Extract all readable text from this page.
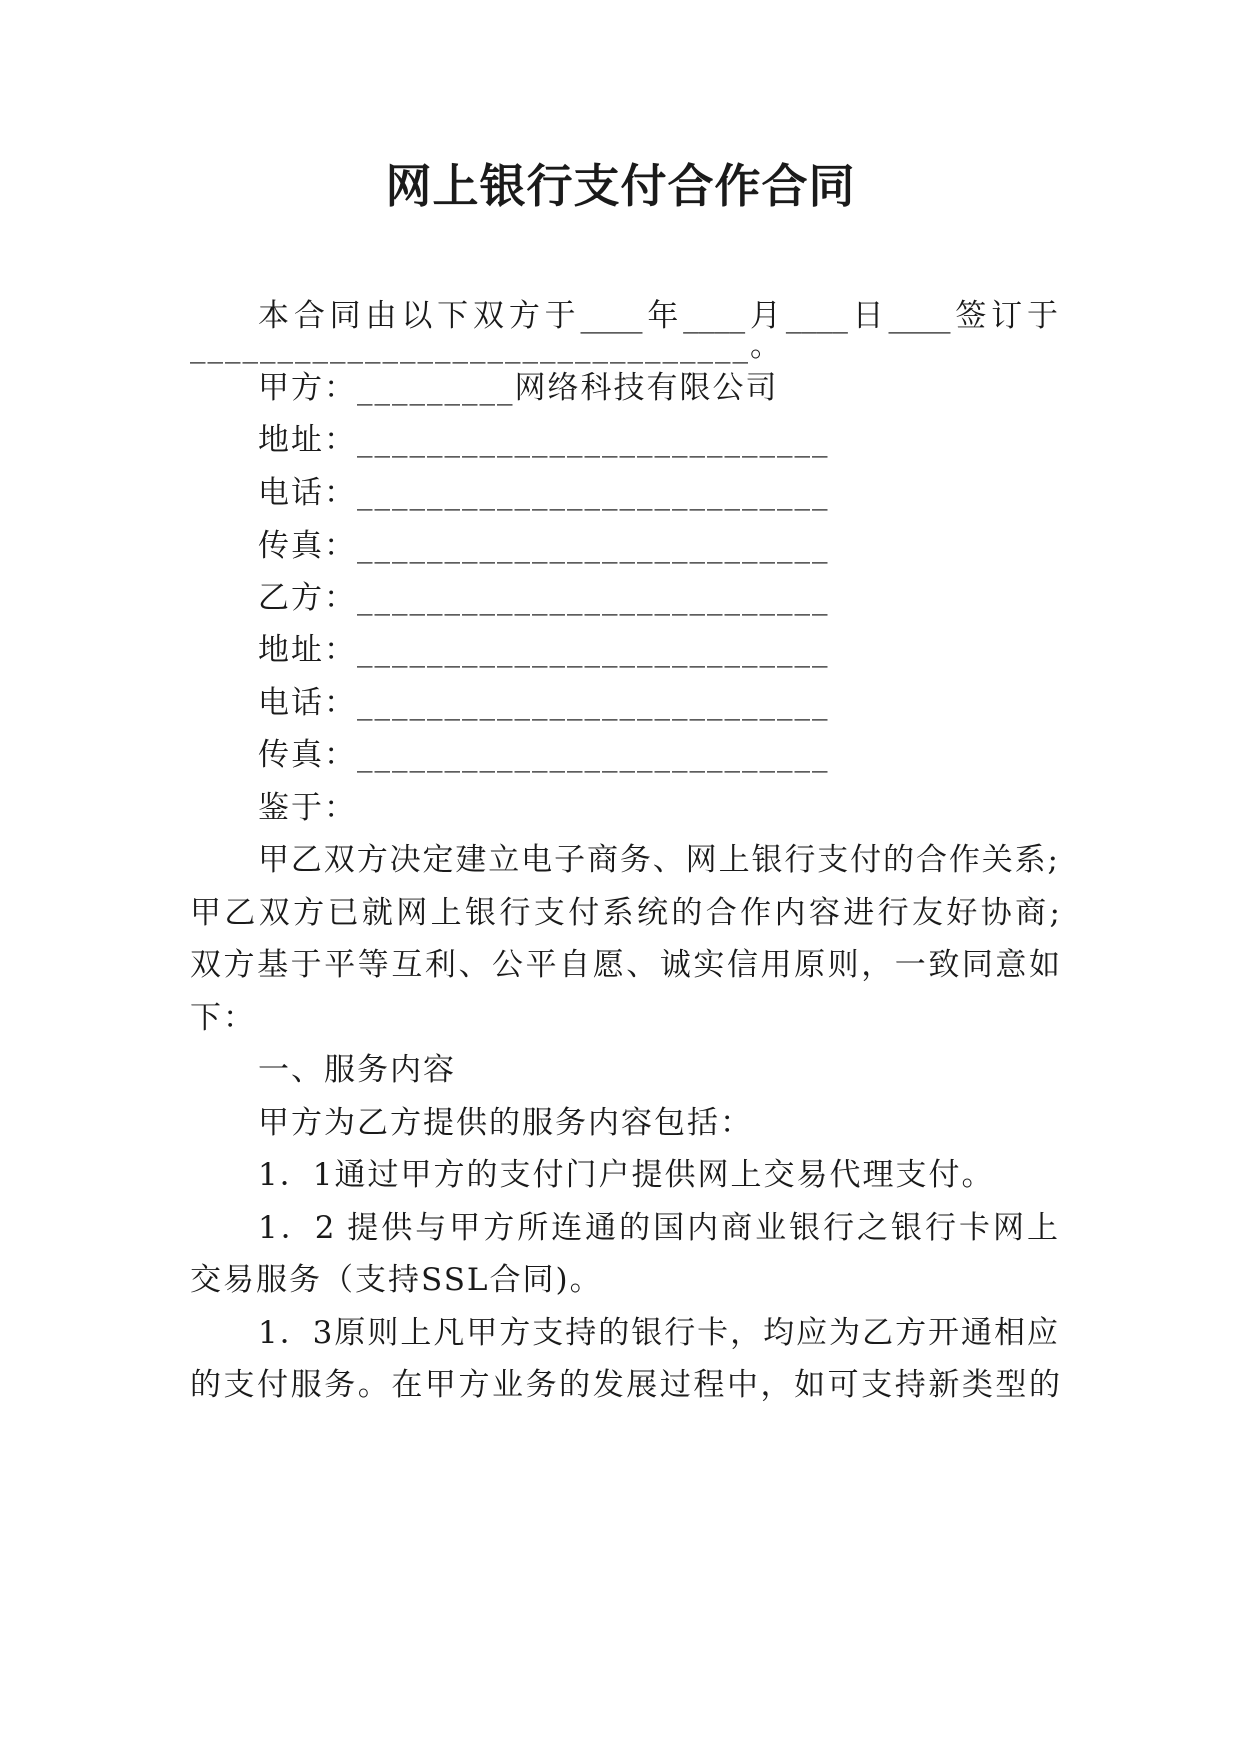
网上银行支付合作合同
本合同由以下双方于____年____月____日____签订于
________________________________。
甲方：_________网络科技有限公司
地址：___________________________
电话：___________________________
传真：___________________________
乙方：___________________________
地址：___________________________
电话：___________________________
传真：___________________________
鉴于：
甲乙双方决定建立电子商务、网上银行支付的合作关系;
甲乙双方已就网上银行支付系统的合作内容进行友好协商;
双方基于平等互利、公平自愿、诚实信用原则，一致同意如
下：
一、服务内容
甲方为乙方提供的服务内容包括：
1．1通过甲方的支付门户提供网上交易代理支付。
1．2 提供与甲方所连通的国内商业银行之银行卡网上
交易服务（支持SSL合同)。
1．3原则上凡甲方支持的银行卡，均应为乙方开通相应
的支付服务。在甲方业务的发展过程中，如可支持新类型的
